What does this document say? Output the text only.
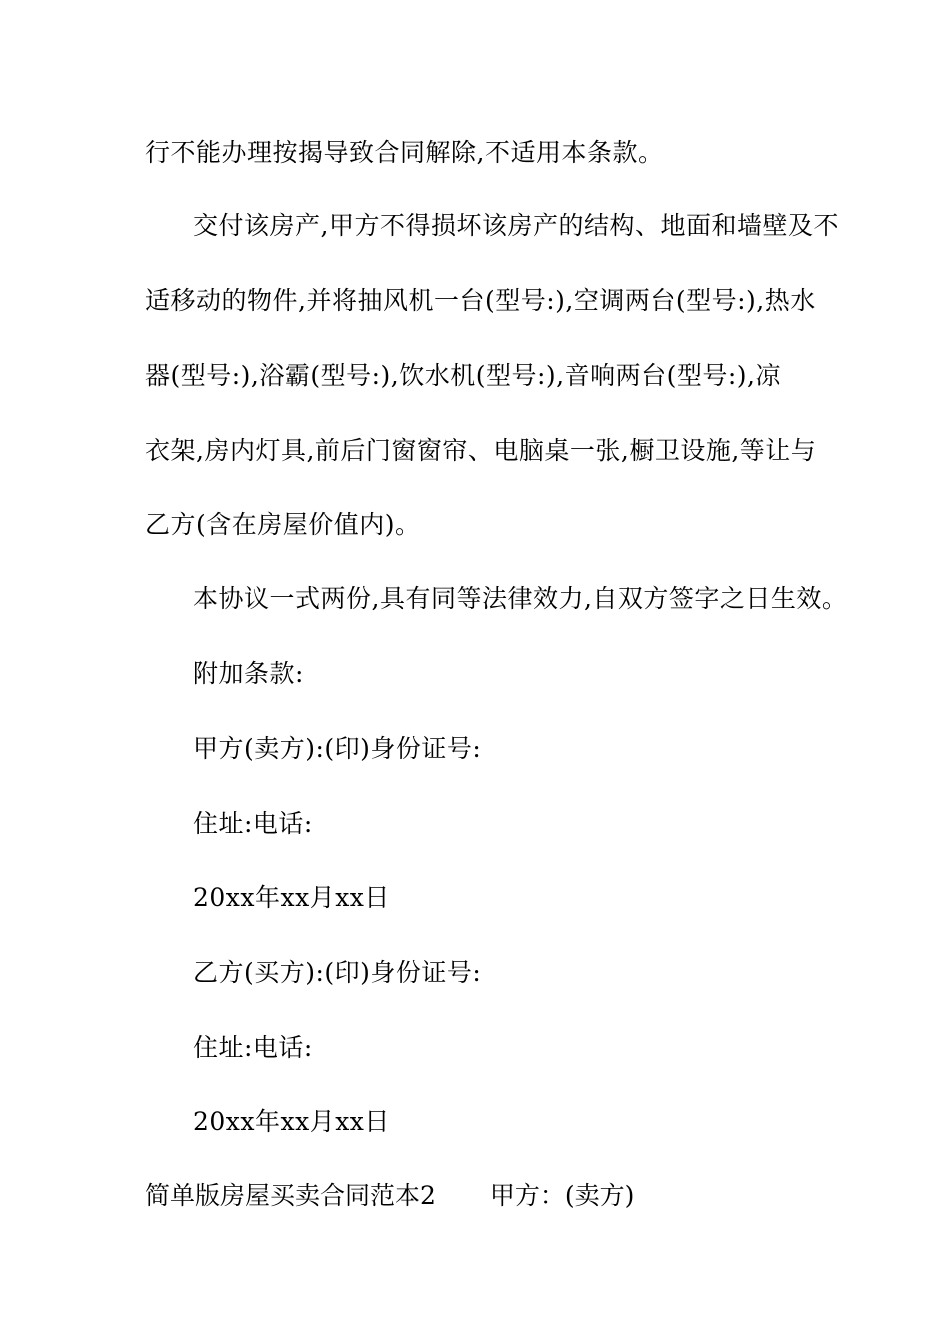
行不能办理按揭导致合同解除,不适用本条款。
交付该房产,甲方不得损坏该房产的结构、地面和墙壁及不
适移动的物件,并将抽风机一台(型号:),空调两台(型号:),热水
器(型号:),浴霸(型号:),饮水机(型号:),音响两台(型号:),凉
衣架,房内灯具,前后门窗窗帘、电脑桌一张,橱卫设施,等让与
乙方(含在房屋价值内)。
本协议一式两份,具有同等法律效力,自双方签字之日生效。
附加条款:
甲方(卖方):(印)身份证号:
住址:电话:
20xx年xx月xx日
乙方(买方):(印)身份证号:
住址:电话:
20xx年xx月xx日
简单版房屋买卖合同范本2 甲方：(卖方)
